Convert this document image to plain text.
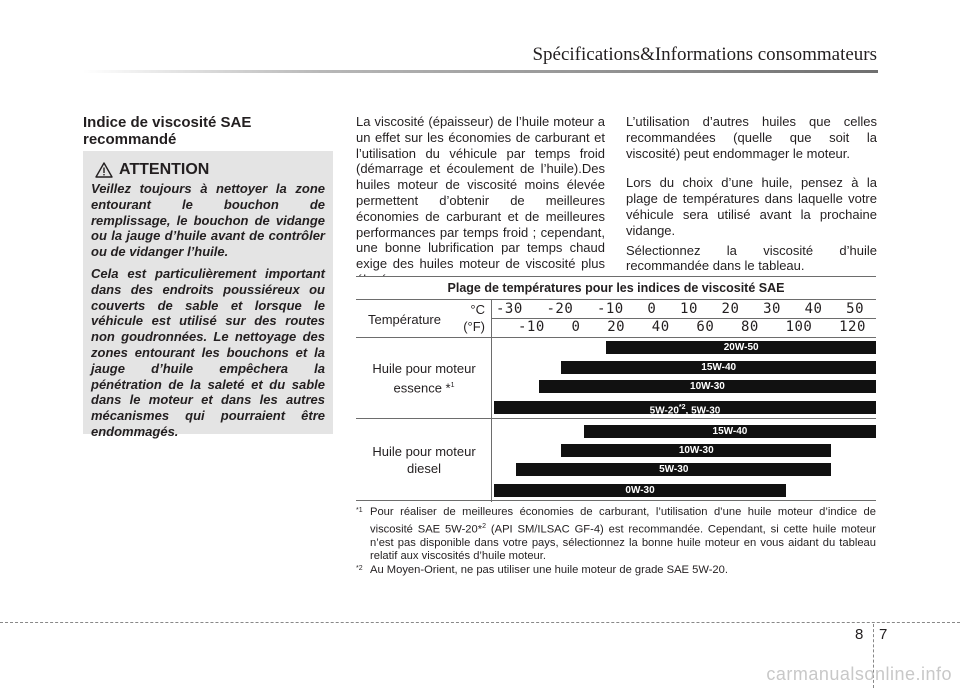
Spécifications&Informations consommateurs
Indice de viscosité SAE recommandé
ATTENTION

Veillez toujours à nettoyer la zone entourant le bouchon de remplissage, le bouchon de vidange ou la jauge d’huile avant de contrôler ou de vidanger l’huile.

Cela est particulièrement important dans des endroits poussiéreux ou couverts de sable et lorsque le véhicule est utilisé sur des routes non goudronnées. Le nettoyage des zones entourant les bouchons et la jauge d’huile empêchera la pénétration de la saleté et du sable dans le moteur et dans les autres mécanismes qui pourraient être endommagés.

La viscosité (épaisseur) de l’huile moteur a un effet sur les économies de carburant et l’utilisation du véhicule par temps froid (démarrage et écoulement de l’huile).Des huiles moteur de viscosité moins élevée permettent d’obtenir de meilleures économies de carburant et de meilleures performances par temps froid ; cependant, une bonne lubrification par temps chaud exige des huiles moteur de viscosité plus

L’utilisation d’autres huiles que celles recommandées (quelle que soit la viscosité) peut endommager le moteur.

Lors du choix d’une huile, pensez à la plage de températures dans laquelle votre véhicule sera utilisé avant la prochaine vidange.

Sélectionnez la viscosité d’huile recommandée dans le tableau.

Plage de températures pour les indices de viscosité SAE
Température
°C
(°F)
-30 -20 -10 0 10 20 30 40 50
-10 0 20 40 60 80 100 120
Huile pour moteur essence *$^1$
20W-50
15W-40
10W-30
5W-20$^{*2}$, 5W-30
Huile pour moteur diesel
15W-40
10W-30
5W-30
0W-30
*1 Pour réaliser de meilleures économies de carburant, l’utilisation d’une huile moteur d’indice de viscosité SAE 5W-20*$^2$ (API SM/ILSAC GF-4) est recommandée. Cependant, si cette huile moteur n’est pas disponible dans votre pays, sélectionnez la bonne huile moteur en vous aidant du tableau relatif aux viscosités d’huile moteur.
*2 Au Moyen-Orient, ne pas utiliser une huile moteur de grade SAE 5W-20.
8 7
carmanualsonline.info
